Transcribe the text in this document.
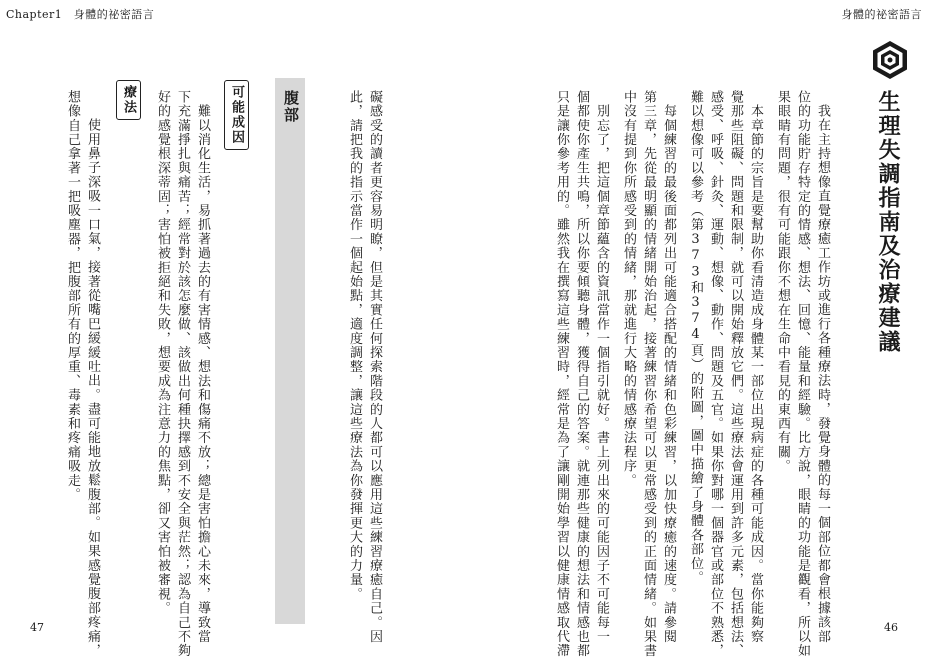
Chapter1　身體的祕密語言	身體的祕密語言
47	46
生理失調指南及治療建議
我在主持想像直覺療癒工作坊或進行各種療法時，發覺身體的每一個部位都會根據該部
位的功能貯存特定的情感、想法、回憶、能量和經驗。比方說，眼睛的功能是觀看，所以如
果眼睛有問題，很有可能跟你不想在生命中看見的東西有關。
　本章節的宗旨是要幫助你看清造成身體某一部位出現病症的各種可能成因。當你能夠察
覺那些阻礙、問題和限制，就可以開始釋放它們。這些療法會運用到許多元素，包括想法、
感受、呼吸、針灸、運動、想像、動作、問題及五官。如果你對哪一個器官或部位不熟悉，
難以想像可以參考（第373和374頁）的附圖，圖中描繪了身體各部位。
　每個練習的最後面都列出可能適合搭配的情緒和色彩練習，以加快療癒的速度。請參閱
第三章，先從最明顯的情緒開始治起，接著練習你希望可以更常感受到的正面情緒。如果書
中沒有提到你所感受到的情緒，那就進行大略的情感療法程序。
　別忘了，把這個章節蘊含的資訊當作一個指引就好。書上列出來的可能因子不可能每一
個都使你產生共鳴，所以你要傾聽身體，獲得自己的答案。就連那些健康的想法和情感也都
只是讓你參考用的。雖然我在撰寫這些練習時，經常是為了讓剛開始學習以健康情感取代滯
礙感受的讀者更容易明瞭，但是其實任何探索階段的人都可以應用這些練習療癒自己。因
此，請把我的指示當作一個起始點，適度調整，讓這些療法為你發揮更大的力量。
腹部
可能成因
　難以消化生活，易抓著過去的有害情感、想法和傷痛不放；總是害怕擔心未來，導致當
下充滿掙扎與痛苦；經常對於該怎麼做、該做出何種抉擇感到不安全與茫然；認為自己不夠
好的感覺根深蒂固；害怕被拒絕和失敗，想要成為注意力的焦點，卻又害怕被審視。
療法
　使用鼻子深吸一口氣，接著從嘴巴緩緩吐出。盡可能地放鬆腹部。如果感覺腹部疼痛，
想像自己拿著一把吸塵器，把腹部所有的厚重、毒素和疼痛吸走。
